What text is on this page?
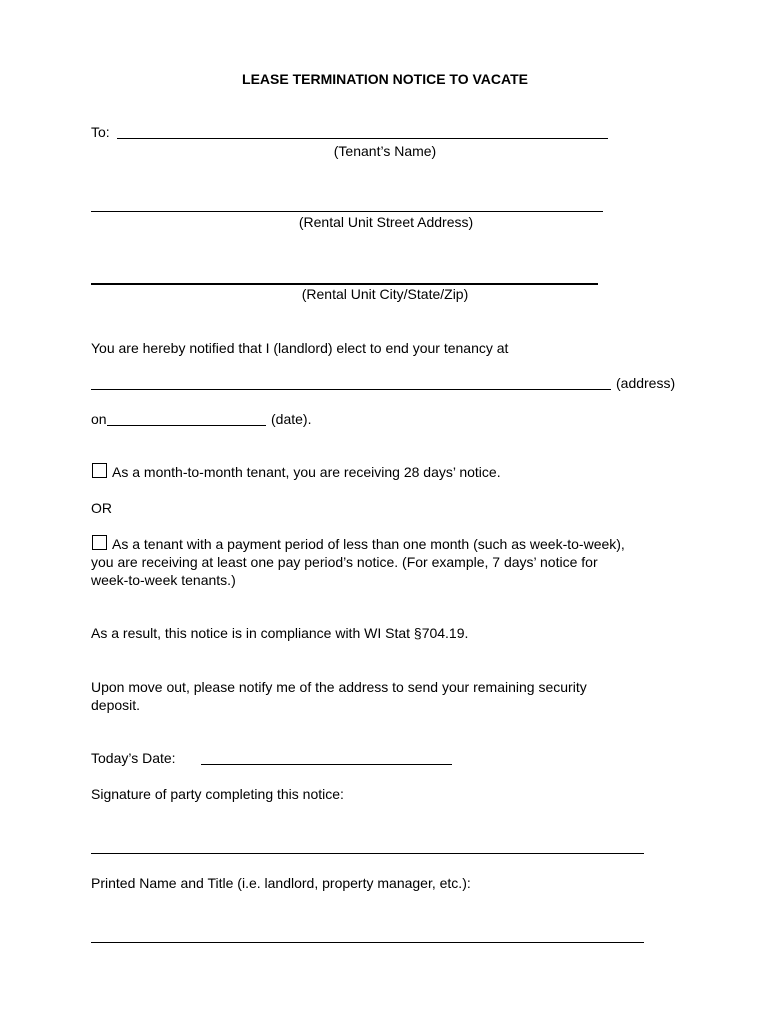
LEASE TERMINATION NOTICE TO VACATE
To:
(Tenant’s Name)
(Rental Unit Street Address)
(Rental Unit City/State/Zip)
You are hereby notified that I (landlord) elect to end your tenancy at
(address)
on	(date).
As a month-to-month tenant, you are receiving 28 days’ notice.
OR
As a tenant with a payment period of less than one month (such as week-to-week),
you are receiving at least one pay period’s notice. (For example, 7 days’ notice for
week-to-week tenants.)
As a result, this notice is in compliance with WI Stat §704.19.
Upon move out, please notify me of the address to send your remaining security
deposit.
Today’s Date:
Signature of party completing this notice:
Printed Name and Title (i.e. landlord, property manager, etc.):
